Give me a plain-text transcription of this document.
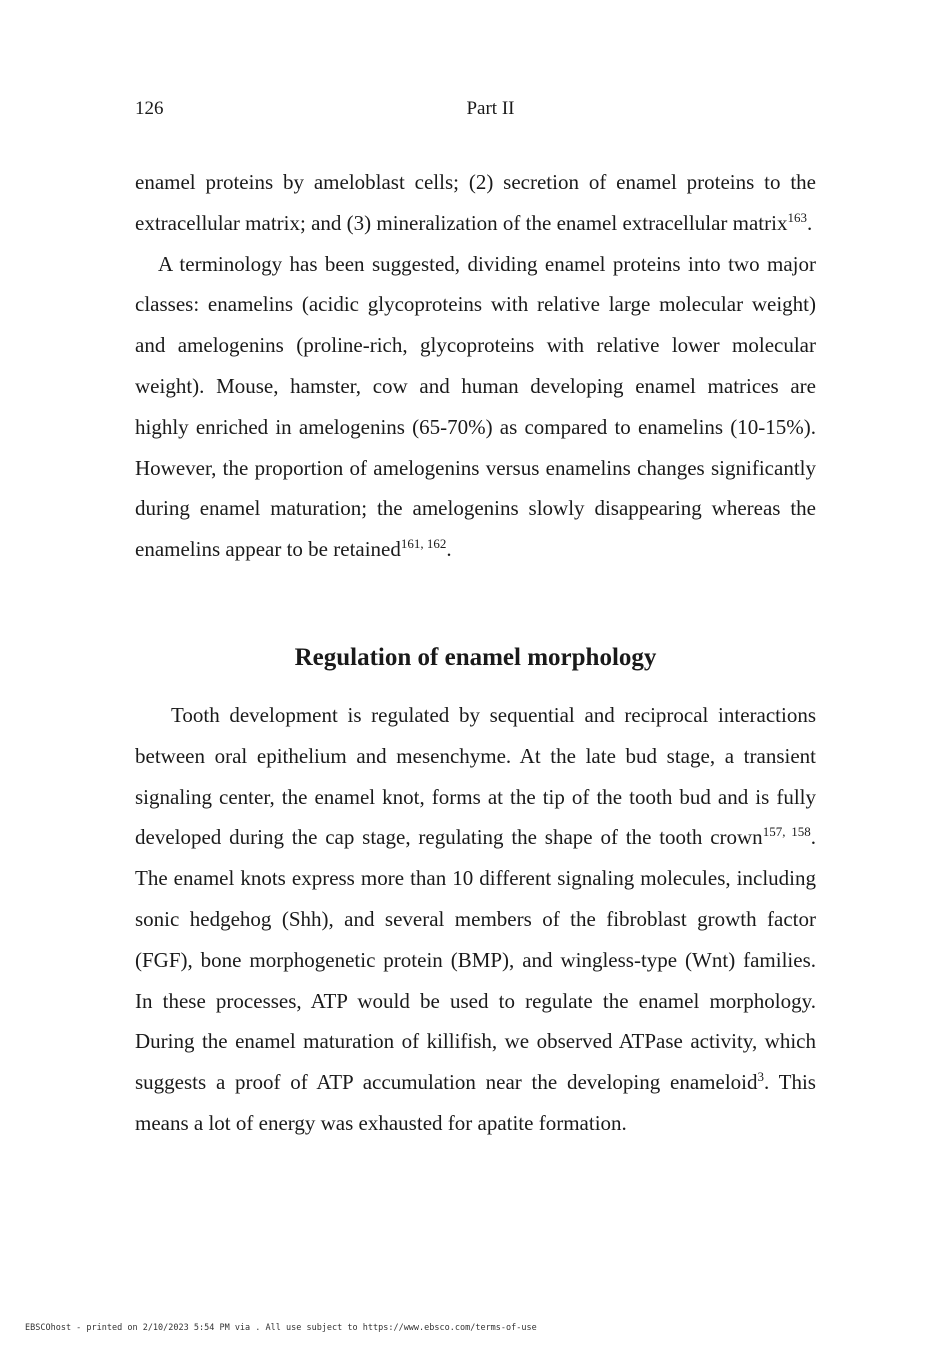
126	Part II

enamel proteins by ameloblast cells; (2) secretion of enamel proteins to the extracellular matrix; and (3) mineralization of the enamel extracellular matrix$^{163}$.

A terminology has been suggested, dividing enamel proteins into two major classes: enamelins (acidic glycoproteins with relative large molecular weight) and amelogenins (proline-rich, glycoproteins with relative lower molecular weight). Mouse, hamster, cow and human developing enamel matrices are highly enriched in amelogenins (65-70%) as compared to enamelins (10-15%). However, the proportion of amelogenins versus enamelins changes significantly during enamel maturation; the amelogenins slowly disappearing whereas the enamelins appear to be retained$^{161, 162}$.

Regulation of enamel morphology

Tooth development is regulated by sequential and reciprocal interactions between oral epithelium and mesenchyme. At the late bud stage, a transient signaling center, the enamel knot, forms at the tip of the tooth bud and is fully developed during the cap stage, regulating the shape of the tooth crown$^{157, 158}$. The enamel knots express more than 10 different signaling molecules, including sonic hedgehog (Shh), and several members of the fibroblast growth factor (FGF), bone morphogenetic protein (BMP), and wingless-type (Wnt) families. In these processes, ATP would be used to regulate the enamel morphology. During the enamel maturation of killifish, we observed ATPase activity, which suggests a proof of ATP accumulation near the developing enameloid$^3$. This means a lot of energy was exhausted for apatite formation.

EBSCOhost - printed on 2/10/2023 5:54 PM via . All use subject to https://www.ebsco.com/terms-of-use
